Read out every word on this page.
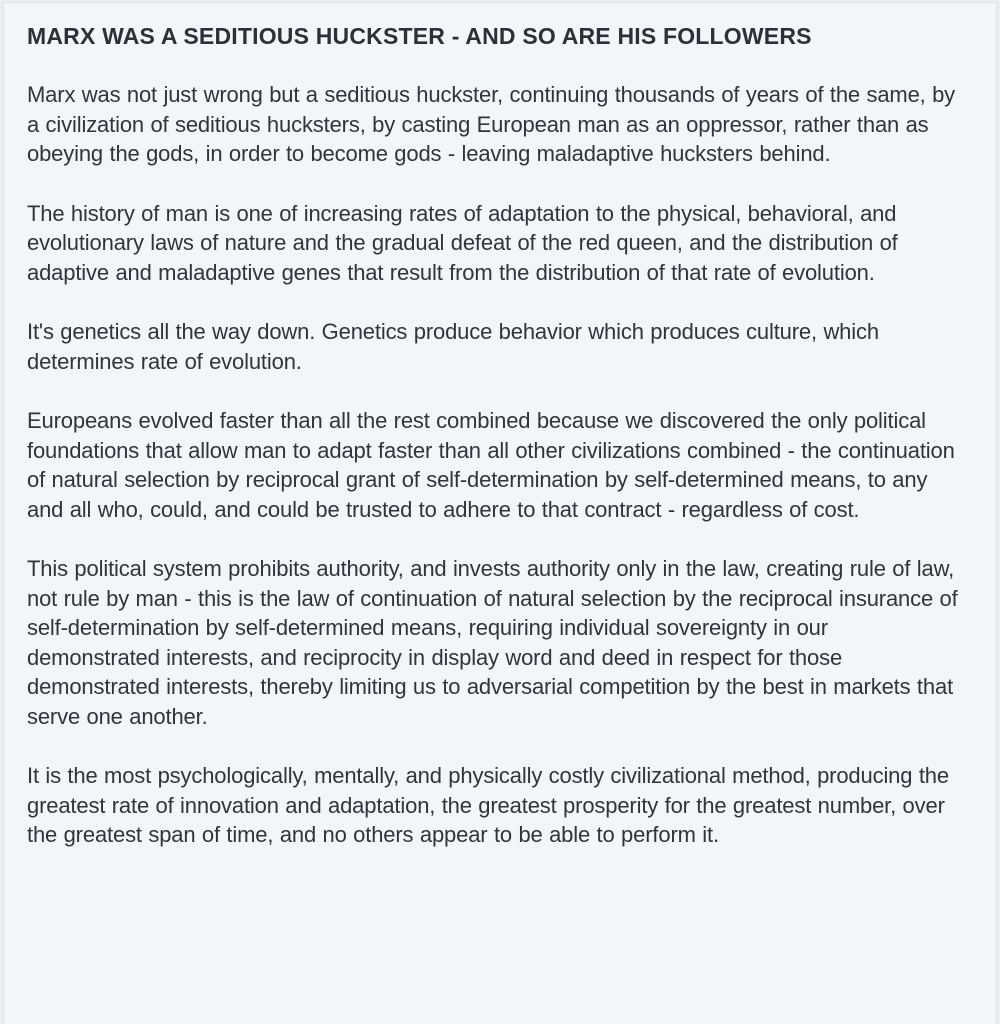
MARX WAS A SEDITIOUS HUCKSTER - AND SO ARE HIS FOLLOWERS

Marx was not just wrong but a seditious huckster, continuing thousands of years of the same, by a civilization of seditious hucksters, by casting European man as an oppressor, rather than as obeying the gods, in order to become gods - leaving maladaptive hucksters behind.

The history of man is one of increasing rates of adaptation to the physical, behavioral, and evolutionary laws of nature and the gradual defeat of the red queen, and the distribution of adaptive and maladaptive genes that result from the distribution of that rate of evolution.

It's genetics all the way down. Genetics produce behavior which produces culture, which determines rate of evolution.

Europeans evolved faster than all the rest combined because we discovered the only political foundations that allow man to adapt faster than all other civilizations combined - the continuation of natural selection by reciprocal grant of self-determination by self-determined means, to any and all who, could, and could be trusted to adhere to that contract - regardless of cost.

This political system prohibits authority, and invests authority only in the law, creating rule of law, not rule by man - this is the law of continuation of natural selection by the reciprocal insurance of self-determination by self-determined means, requiring individual sovereignty in our demonstrated interests, and reciprocity in display word and deed in respect for those demonstrated interests, thereby limiting us to adversarial competition by the best in markets that serve one another.

It is the most psychologically, mentally, and physically costly civilizational method, producing the greatest rate of innovation and adaptation, the greatest prosperity for the greatest number, over the greatest span of time, and no others appear to be able to perform it.
